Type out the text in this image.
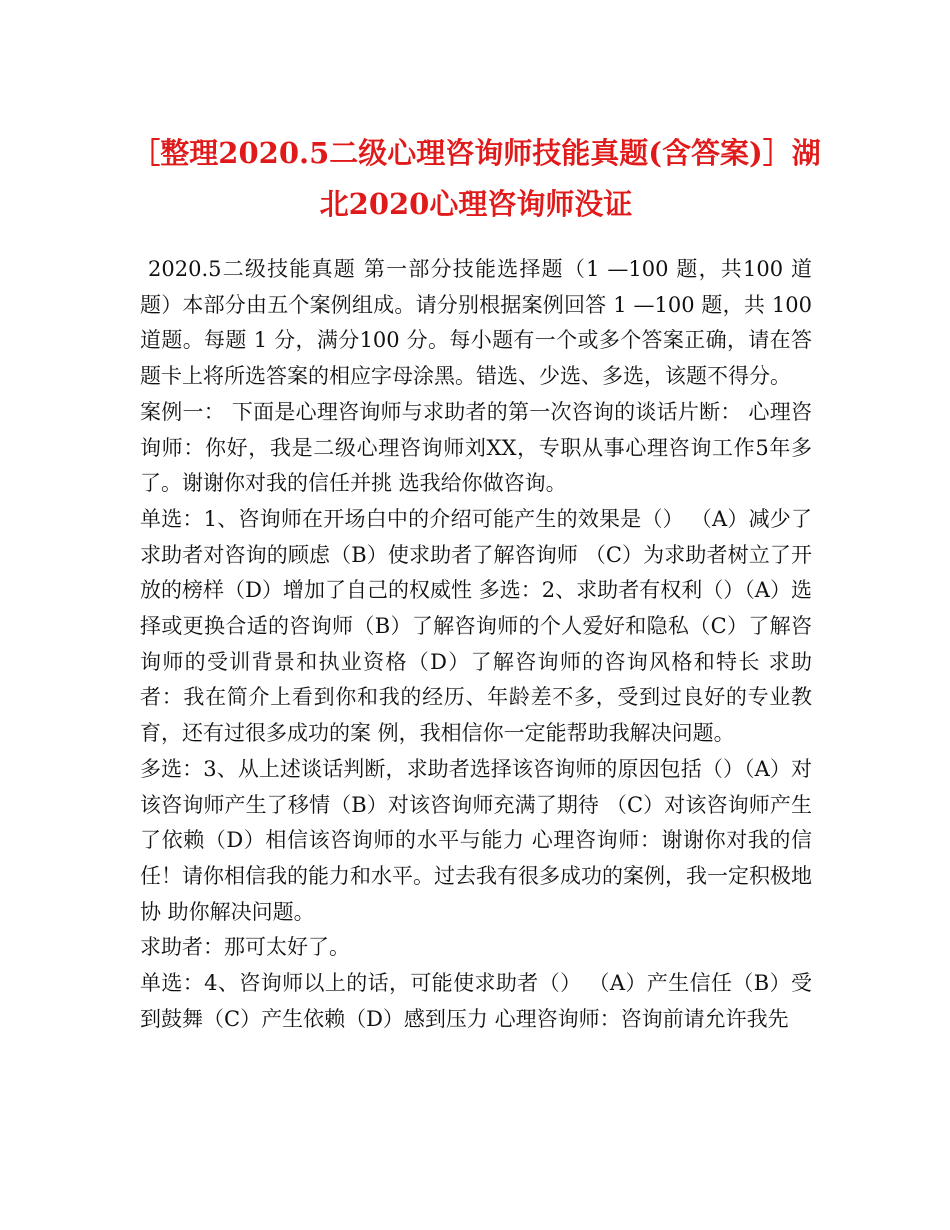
［整理2020.5二级心理咨询师技能真题(含答案)］湖北2020心理咨询师没证

2020.5二级技能真题 第一部分技能选择题（1 —100 题，共100 道题）本部分由五个案例组成。请分别根据案例回答 1 —100 题，共 100 道题。每题 1 分，满分100 分。每小题有一个或多个答案正确，请在答题卡上将所选答案的相应字母涂黑。错选、少选、多选，该题不得分。

案例一： 下面是心理咨询师与求助者的第一次咨询的谈话片断： 心理咨询师：你好，我是二级心理咨询师刘XX，专职从事心理咨询工作5年多了。谢谢你对我的信任并挑 选我给你做咨询。

单选：1、咨询师在开场白中的介绍可能产生的效果是（） （A）减少了求助者对咨询的顾虑（B）使求助者了解咨询师 （C）为求助者树立了开放的榜样（D）增加了自己的权威性 多选：2、求助者有权利（）（A）选择或更换合适的咨询师（B）了解咨询师的个人爱好和隐私（C）了解咨询师的受训背景和执业资格（D）了解咨询师的咨询风格和特长 求助者：我在简介上看到你和我的经历、年龄差不多，受到过良好的专业教育，还有过很多成功的案 例，我相信你一定能帮助我解决问题。

多选：3、从上述谈话判断，求助者选择该咨询师的原因包括（）（A）对该咨询师产生了移情（B）对该咨询师充满了期待 （C）对该咨询师产生了依赖（D）相信该咨询师的水平与能力 心理咨询师：谢谢你对我的信任！请你相信我的能力和水平。过去我有很多成功的案例，我一定积极地协 助你解决问题。

求助者：那可太好了。

单选：4、咨询师以上的话，可能使求助者（） （A）产生信任（B）受到鼓舞（C）产生依赖（D）感到压力 心理咨询师：咨询前请允许我先
